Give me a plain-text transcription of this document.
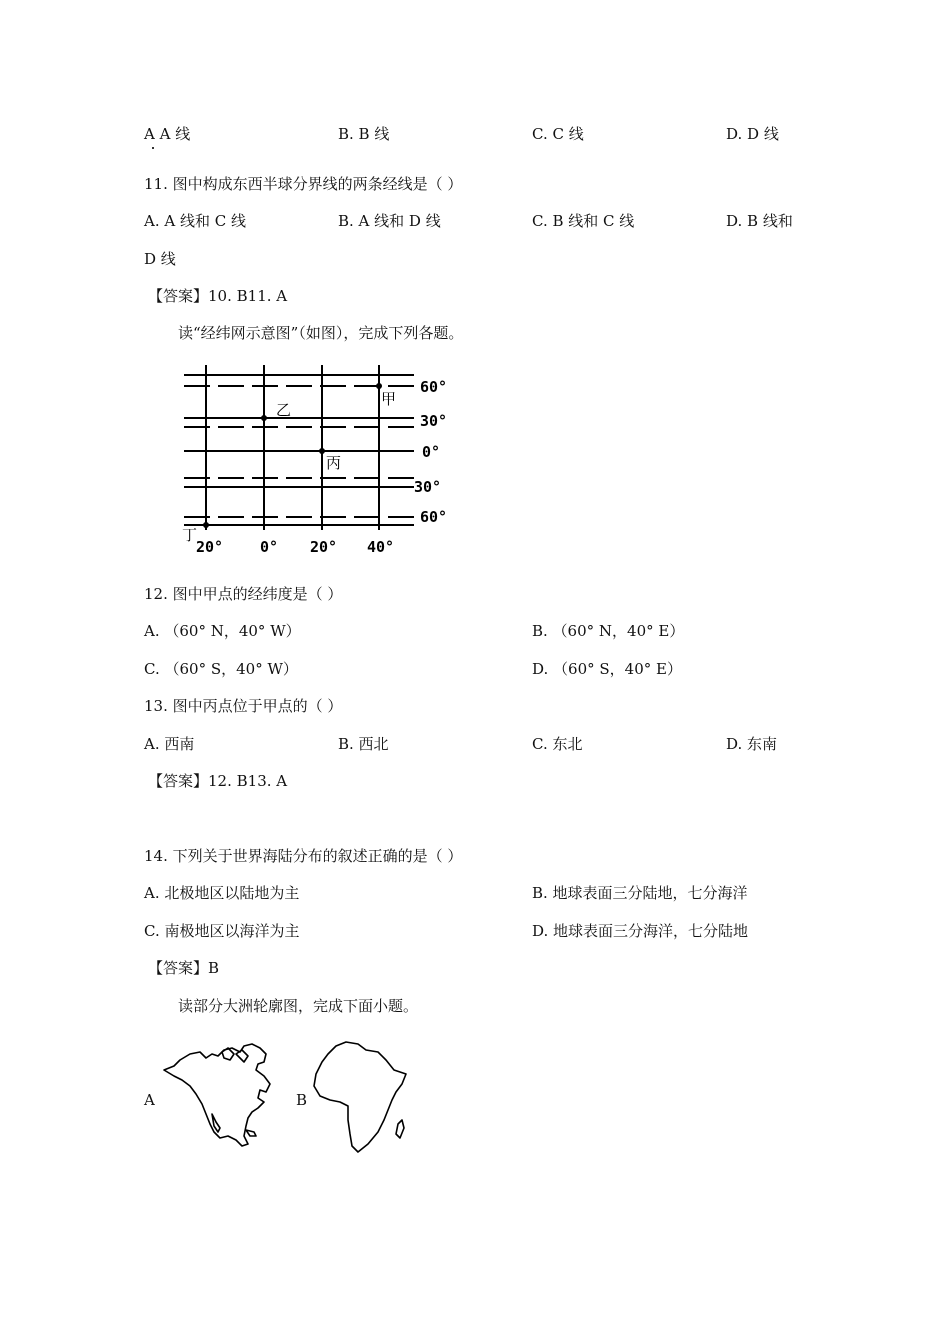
A A 线	B. B 线	C. C 线	D. D 线
11. 图中构成东西半球分界线的两条经线是（ ）
A. A 线和 C 线	B. A 线和 D 线	C. B 线和 C 线	D. B 线和
D 线
【答案】10. B11. A
读“经纬网示意图”（如图），完成下列各题。
60°
30°
0°
30°
60°
20° 0° 20° 40°
甲
乙
丙
丁
12. 图中甲点的经纬度是（ ）
A. （60° N，40° W）	B. （60° N，40° E）
C. （60° S，40° W）	D. （60° S，40° E）
13. 图中丙点位于甲点的（ ）
A. 西南	B. 西北	C. 东北	D. 东南
【答案】12. B13. A
14. 下列关于世界海陆分布的叙述正确的是（ ）
A. 北极地区以陆地为主	B. 地球表面三分陆地，七分海洋
C. 南极地区以海洋为主	D. 地球表面三分海洋，七分陆地
【答案】B
读部分大洲轮廓图，完成下面小题。
A	B
